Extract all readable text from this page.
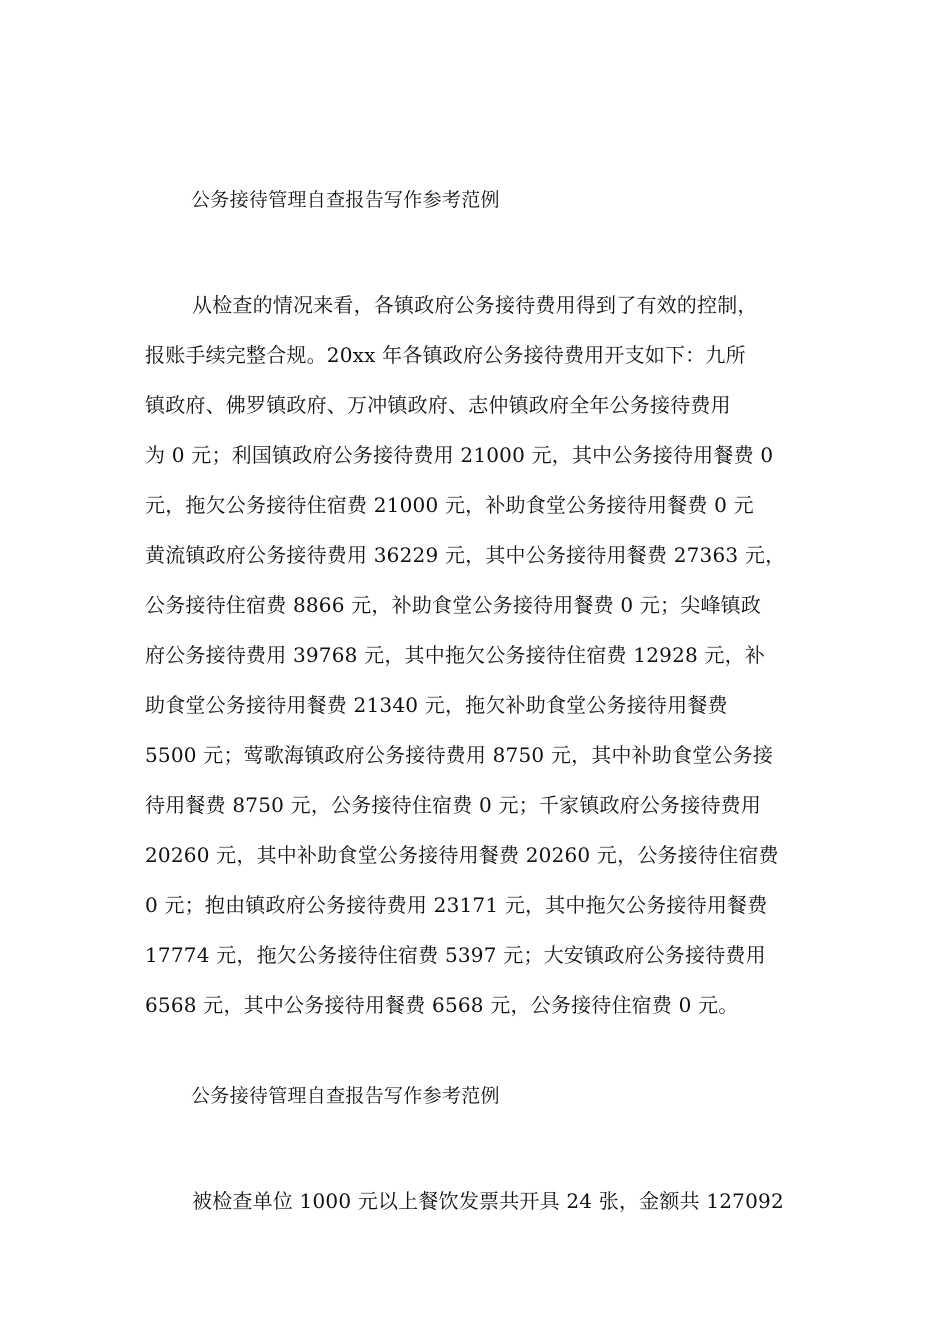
公务接待管理自查报告写作参考范例
从检查的情况来看，各镇政府公务接待费用得到了有效的控制，
报账手续完整合规。20xx 年各镇政府公务接待费用开支如下：九所
镇政府、佛罗镇政府、万冲镇政府、志仲镇政府全年公务接待费用
为 0 元；利国镇政府公务接待费用 21000 元，其中公务接待用餐费 0
元，拖欠公务接待住宿费 21000 元，补助食堂公务接待用餐费 0 元
黄流镇政府公务接待费用 36229 元，其中公务接待用餐费 27363 元，
公务接待住宿费 8866 元，补助食堂公务接待用餐费 0 元；尖峰镇政
府公务接待费用 39768 元，其中拖欠公务接待住宿费 12928 元，补
助食堂公务接待用餐费 21340 元，拖欠补助食堂公务接待用餐费
5500 元；莺歌海镇政府公务接待费用 8750 元，其中补助食堂公务接
待用餐费 8750 元，公务接待住宿费 0 元；千家镇政府公务接待费用
20260 元，其中补助食堂公务接待用餐费 20260 元，公务接待住宿费
0 元；抱由镇政府公务接待费用 23171 元，其中拖欠公务接待用餐费
17774 元，拖欠公务接待住宿费 5397 元；大安镇政府公务接待费用
6568 元，其中公务接待用餐费 6568 元，公务接待住宿费 0 元。
公务接待管理自查报告写作参考范例
被检查单位 1000 元以上餐饮发票共开具 24 张，金额共 127092
